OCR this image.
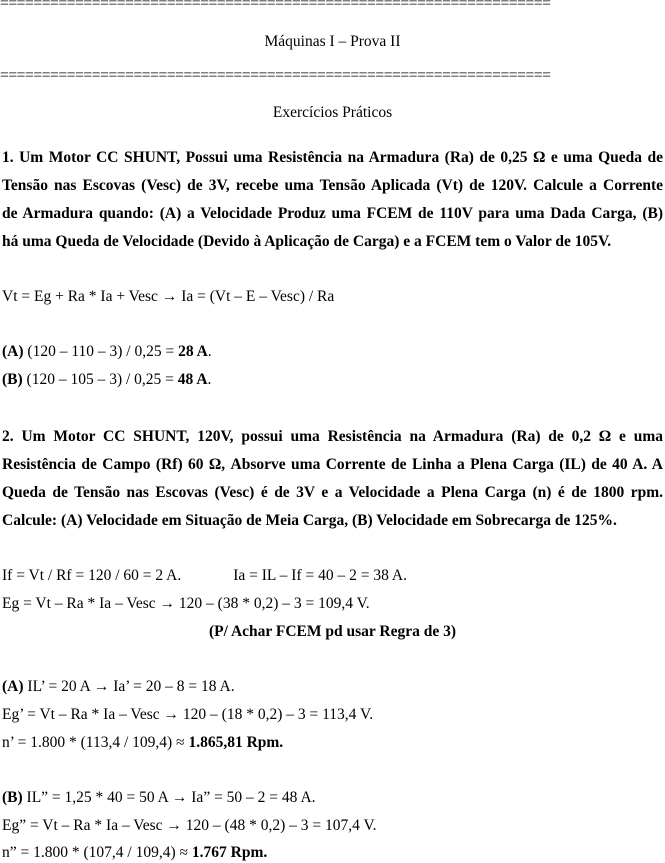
==================================================================
Máquinas I – Prova II
==================================================================
Exercícios Práticos
1. Um Motor CC SHUNT, Possui uma Resistência na Armadura (Ra) de 0,25 Ω e uma Queda de
Tensão nas Escovas (Vesc) de 3V, recebe uma Tensão Aplicada (Vt) de 120V. Calcule a Corrente
de Armadura quando: (A) a Velocidade Produz uma FCEM de 110V para uma Dada Carga, (B)
há uma Queda de Velocidade (Devido à Aplicação de Carga) e a FCEM tem o Valor de 105V.
Vt = Eg + Ra * Ia + Vesc → Ia = (Vt – E – Vesc) / Ra
(A) (120 – 110 – 3) / 0,25 = 28 A.
(B) (120 – 105 – 3) / 0,25 = 48 A.
2. Um Motor CC SHUNT, 120V, possui uma Resistência na Armadura (Ra) de 0,2 Ω e uma
Resistência de Campo (Rf) 60 Ω, Absorve uma Corrente de Linha a Plena Carga (IL) de 40 A. A
Queda de Tensão nas Escovas (Vesc) é de 3V e a Velocidade a Plena Carga (n) é de 1800 rpm.
Calcule: (A) Velocidade em Situação de Meia Carga, (B) Velocidade em Sobrecarga de 125%.
If = Vt / Rf = 120 / 60 = 2 A.	Ia = IL – If = 40 – 2 = 38 A.
Eg = Vt – Ra * Ia – Vesc → 120 – (38 * 0,2) – 3 = 109,4 V.
(P/ Achar FCEM pd usar Regra de 3)
(A) IL’ = 20 A → Ia’ = 20 – 8 = 18 A.
Eg’ = Vt – Ra * Ia – Vesc → 120 – (18 * 0,2) – 3 = 113,4 V.
n’ = 1.800 * (113,4 / 109,4) ≈ 1.865,81 Rpm.
(B) IL” = 1,25 * 40 = 50 A → Ia” = 50 – 2 = 48 A.
Eg” = Vt – Ra * Ia – Vesc → 120 – (48 * 0,2) – 3 = 107,4 V.
n” = 1.800 * (107,4 / 109,4) ≈ 1.767 Rpm.
